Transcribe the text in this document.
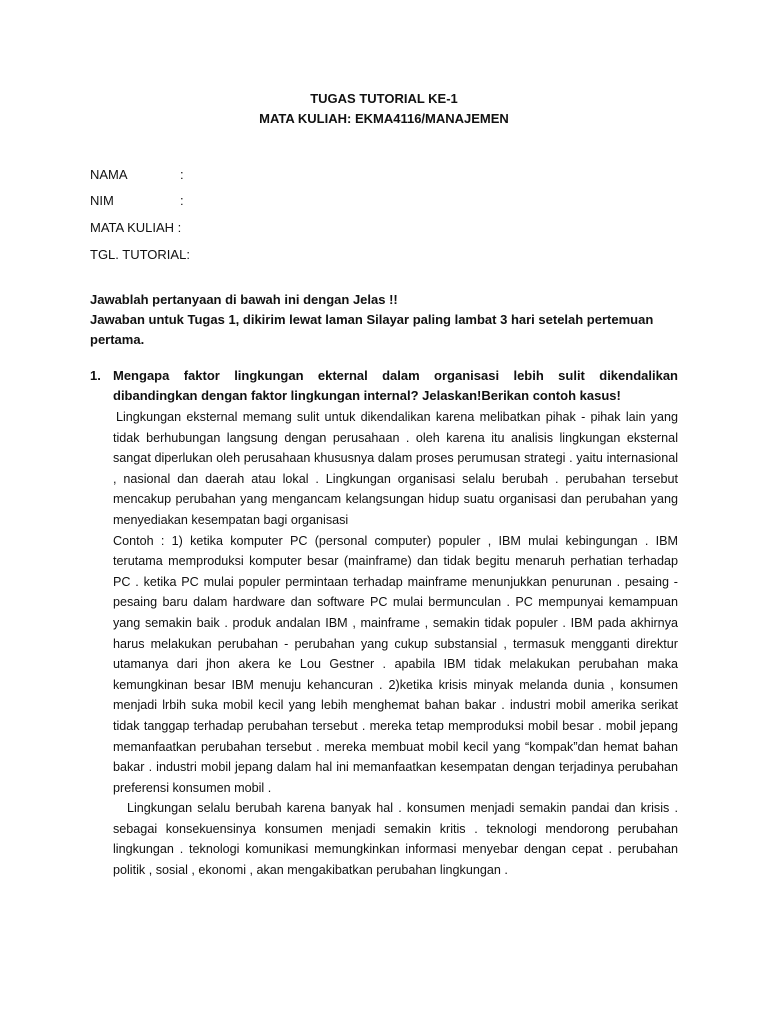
TUGAS TUTORIAL KE-1
MATA KULIAH: EKMA4116/MANAJEMEN
NAMA	:
NIM	:
MATA KULIAH :
TGL. TUTORIAL:

Jawablah pertanyaan di bawah ini dengan Jelas !!

Jawaban untuk Tugas 1, dikirim lewat laman Silayar paling lambat 3 hari setelah pertemuan pertama.

1. Mengapa faktor lingkungan ekternal dalam organisasi lebih sulit dikendalikan dibandingkan dengan faktor lingkungan internal? Jelaskan!Berikan contoh kasus!

Lingkungan eksternal memang sulit untuk dikendalikan karena melibatkan pihak - pihak lain yang tidak berhubungan langsung dengan perusahaan . oleh karena itu analisis lingkungan eksternal sangat diperlukan oleh perusahaan khususnya dalam proses perumusan strategi . yaitu internasional , nasional dan daerah atau lokal . Lingkungan organisasi selalu berubah . perubahan tersebut mencakup perubahan yang mengancam kelangsungan hidup suatu organisasi dan perubahan yang menyediakan kesempatan bagi organisasi

Contoh : 1) ketika komputer PC (personal computer) populer , IBM mulai kebingungan . IBM terutama memproduksi komputer besar (mainframe) dan tidak begitu menaruh perhatian terhadap PC . ketika PC mulai populer permintaan terhadap mainframe menunjukkan penurunan . pesaing - pesaing baru dalam hardware dan software PC mulai bermunculan . PC mempunyai kemampuan yang semakin baik . produk andalan IBM , mainframe , semakin tidak populer . IBM pada akhirnya harus melakukan perubahan - perubahan yang cukup substansial , termasuk mengganti direktur utamanya dari jhon akera ke Lou Gestner . apabila IBM tidak melakukan perubahan maka kemungkinan besar IBM menuju kehancuran . 2)ketika krisis minyak melanda dunia , konsumen menjadi lrbih suka mobil kecil yang lebih menghemat bahan bakar . industri mobil amerika serikat tidak tanggap terhadap perubahan tersebut . mereka tetap memproduksi mobil besar . mobil jepang memanfaatkan perubahan tersebut . mereka membuat mobil kecil yang “kompak”dan hemat bahan bakar . industri mobil jepang dalam hal ini memanfaatkan kesempatan dengan terjadinya perubahan preferensi konsumen mobil .

Lingkungan selalu berubah karena banyak hal . konsumen menjadi semakin pandai dan krisis . sebagai konsekuensinya konsumen menjadi semakin kritis . teknologi mendorong perubahan lingkungan . teknologi komunikasi memungkinkan informasi menyebar dengan cepat . perubahan politik , sosial , ekonomi , akan mengakibatkan perubahan lingkungan .
